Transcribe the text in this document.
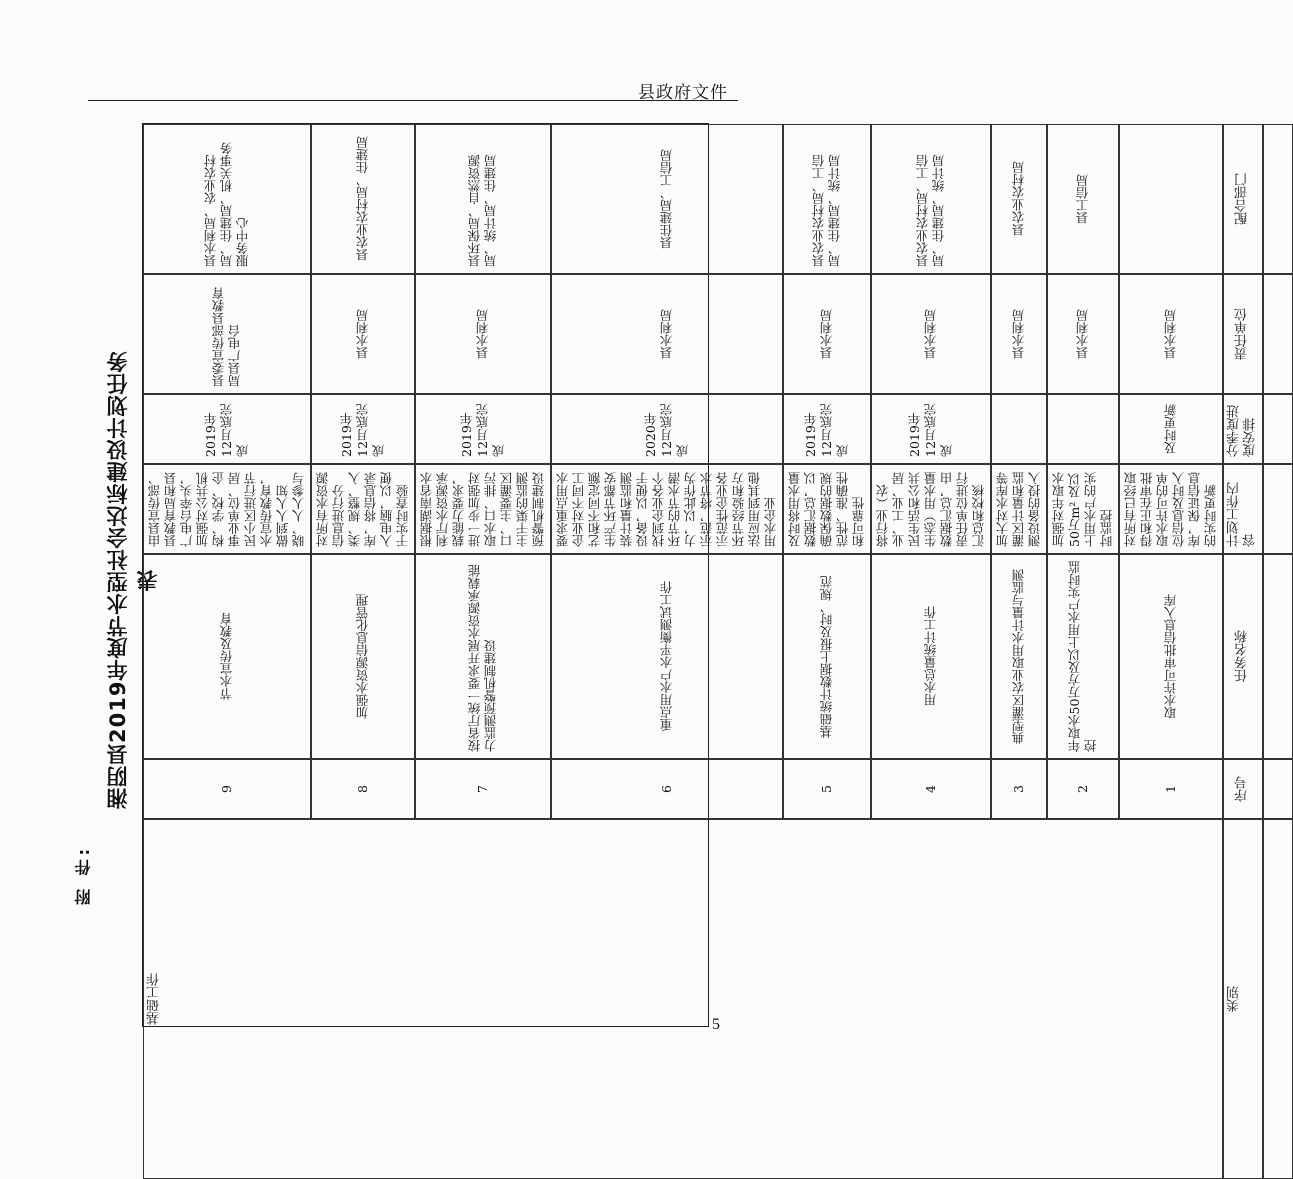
县政府文件
附 件:
湘阴县2019年度节水型社会达标建设计划任务表
配合部门
县工信局
县农业农村局
县农业农村局、工信局、住建局、统计局
县农业农村局、工信局、住建局、统计局
县住建局、工信局
县环保局、自然资源局、统计局、住建局
县农业农村局、住建局
县水利局、农业农村局、住建局、机关事务服务中心
责任单位
县水利局
县水利局
县水利局
县水利局
县水利局
县水利局
县水利局
县水利局
县委宣传部县教育局县广电台
分季度进度安排
及时更新
2019年12月底完成
2019年12月底完成
2020年12月底完成
2019年12月底完成
2019年12月底完成
2019年12月底完成
计划工作内容
对所有已经取得和正在审批取水许可的单位信息及时入库，保证信息的实时更新
加强对年取水50万m² 及以上用水户的实时监控
加大对水库等灌区计量和监测设备的投入
将行业（农业、工业、居民生活和公共生态）用水量数据汇总，由责任单位进行汇总和校核
及时将用水量数据汇总，以确保数据的规范性、准确性和可靠性
要求重点用水企业对不同工艺和不同定额生产环节都安装计量和监测设备，以便于找到企业各个环节的节水潜力，以此作为示范，将节水示范性企业各环节经验和方法应用到其他用水企业
根据湖南省水利厅水资源承载能力要求，进一步加强对取水口、排污口、主要灌区主干渠的监测预警机制建设
对所有水资源信息进行分类、规整、入库，将信息录入电脑，以便于实时查验
由县宣传部、县教育局和县广电台牵头，加强对公共机构、学校、企事业单位、居民小区进行节水宣传教育，做到人人知晓、人人参与
任务名称
取水许可审批信息入库
年取水50万方及以上用水户实时监控
典型灌区农业取用水计量与监测
用水总量统计工作
基础统计数据上报及时、规范
重点用水户水平衡测试工作
按省厅统一要求开展水资源承载能力监测预警机制建设
加强水资源信息化管理
节水宣传及教育
序号
1
2
3
4
5
6
7
8
9
类别
基础工作	5
